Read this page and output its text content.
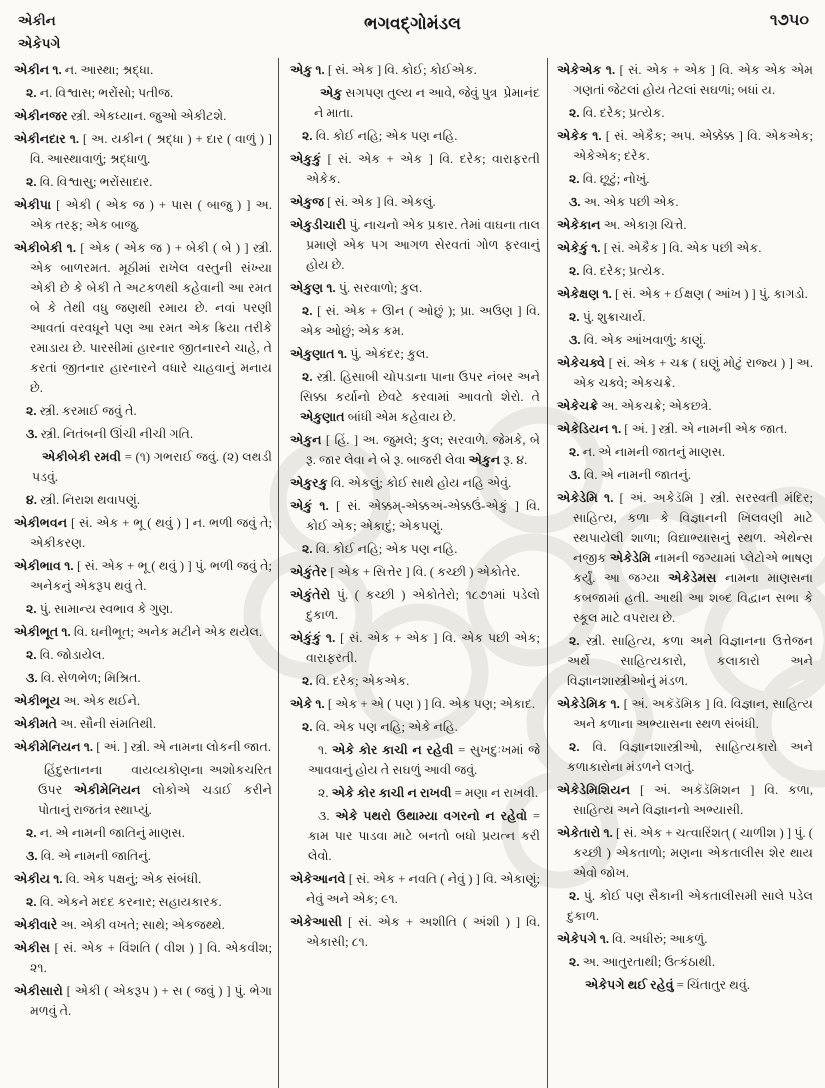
એકીન
એકેપગે
ભગવદ્ગોમંડલ	૧૭૫૦

એકીન ૧. ન. આસ્થા; શ્રદ્ધા.

૨. ન. વિશ્વાસ; ભરોંસો; પતીજ.

એકીનજર સ્ત્રી. એકધ્યાન. જુઓ એકીટશે.

એકીનદાર ૧. [ અ. યકીન ( શ્રદ્ધા ) + દાર ( વાળું ) ] વિ. આસ્થાવાળું; શ્રદ્ધાળુ.

૨. વિ. વિશ્વાસુ; ભરોંસાદાર.

એકીપા [ એકી ( એક જ ) + પાસ ( બાજુ ) ] અ. એક તરફ; એક બાજુ.

એકીબેકી ૧. [ એક ( એક જ ) + બેકી ( બે ) ] સ્ત્રી. એક બાળરમત. મૂઠીમાં રાખેલ વસ્તુની સંખ્યા એકી છે કે બેકી તે અટકળથી કહેવાની આ રમત બે કે તેથી વધુ જણથી રમાય છે. નવાં પરણી આવતાં વરવધૂને પણ આ રમત એક ક્રિયા તરીકે રમાડાય છે. પારસીમાં હારનાર જીતનારને ચાહે, તે કરતાં જીતનાર હારનારને વધારે ચાહવાનું મનાય છે.

૨. સ્ત્રી. કરમાઈ જવું તે.

૩. સ્ત્રી. નિતંબની ઊંચી નીચી ગતિ.

એકીબેકી રમવી = (૧) ગભરાઈ જવું. (૨) લથડી પડવું.

૪. સ્ત્રી. નિરાશ થવાપણું.

એકીભવન [ સં. એક + ભૂ ( થવું ) ] ન. ભળી જવું તે; એકીકરણ.

એકીભાવ ૧. [ સં. એક + ભૂ ( થવું ) ] પું. ભળી જવું તે; અનેકનું એકરૂપ થવું તે.

૨. પું. સામાન્ય સ્વભાવ કે ગુણ.

એકીભૂત ૧. વિ. ઘનીભૂત; અનેક મટીને એક થયેલ.

૨. વિ. જોડાયેલ.

૩. વિ. સેળભેળ; મિશ્રિત.

એકીભૂય અ. એક થઈને.

એકીમતે અ. સૌની સંમતિથી.

એકીમેનિયન ૧. [ અં. ] સ્ત્રી. એ નામના લોકની જાત.

અશોકચરિત
હિંદુસ્તાનના વાયવ્યકોણના ઉપર એકીમેનિયન લોકોએ ચડાઈ કરીને પોતાનું રાજતંત્ર સ્થાપ્યું.

૨. ન. એ નામની જાતિનું માણસ.

૩. વિ. એ નામની જાતિનું.

એકીય ૧. વિ. એક પક્ષનું; એક સંબંધી.

૨. વિ. એકને મદદ કરનાર; સહાયકારક.

એકીવારે અ. એકી વખતે; સાથે; એકજથ્થે.

એકીસ [ સં. એક + વિંશતિ ( વીશ ) ] વિ. એકવીશ; ૨૧.

એકીસારો [ એકી ( એકરૂપ ) + સ ( જવું ) ] પું. ભેગા મળવું તે.

એકુ ૧. [ સં. એક ] વિ. કોઈ; કોઈએક.

પ્રેમાનંદ
એકુ સગપણ તુલ્ય ન આવે, જેવું પુત્ર ને માતા.

૨. વિ. કોઈ નહિ; એક પણ નહિ.

એકુકું [ સં. એક + એક ] વિ. દરેક; વારાફરતી એકેક.

એકુજ [ સં. એક ] વિ. એકલું.

એકુડીચારી પું. નાચનો એક પ્રકાર. તેમાં વાઘના તાલ પ્રમાણે એક પગ આગળ સેરવતાં ગોળ ફરવાનું હોય છે.

એકુણ ૧. પું. સરવાળો; કુલ.

૨. [ સં. એક + ઊન ( ઓછું ); પ્રા. અઉણ ] વિ. એક ઓછું; એક કમ.

એકુણાત ૧. પું. એકંદર; કુલ.

૨. સ્ત્રી. હિસાબી ચોપડાના પાના ઉપર નંબર અને સિક્કા કર્યાનો છેવટે કરવામાં આવતો શેરો. તે એકુણાત બાંધી એમ કહેવાય છે.

એકુન [ હિં. ] અ. જુમલે; કુલ; સરવાળે. જેમકે, બે રૂ. જાર લેવા ને બે રૂ. બાજરી લેવા એકુન રૂ. ૪.

એકુરકુ વિ. એકલું; કોઈ સાથે હોય નહિ એવું.

એકું ૧. [ સં. એક્કમ્-એક્કઅં-એક્કઉં-એકું ] વિ. કોઈ એક; એકાદું; એકપણું.

૨. વિ. કોઈ નહિ; એક પણ નહિ.

એકુંતેર [ એક + સિત્તેર ] વિ. ( કચ્છી ) એકોતેર.

એકુંતેરો પું. ( કચ્છી ) એકોતેરો; ૧૮૭૧માં પડેલો દુકાળ.

એકુંકું ૧. [ સં. એક + એક ] વિ. એક પછી એક; વારાફરતી.

૨. વિ. દરેક; એકએક.

એકે ૧. [ એક + એ ( પણ ) ] વિ. એક પણ; એકાદ.

૨. વિ. એક પણ નહિ; એકે નહિ.

૧. એકે કોર કાચી ન રહેવી = સુખદુઃખમાં જે આવવાનું હોય તે સઘળું આવી જવું.

૨. એકે કોર કાચી ન રાખવી = મણા ન રાખવી.

૩. એકે પથરો ઉથામ્યા વગરનો ન રહેવો = કામ પાર પાડવા માટે બનતો બધો પ્રયત્ન કરી લેવો.

એકેઆનવે [ સં. એક + નવતિ ( નેવું ) ] વિ. એકાણું; નેવું અને એક; ૯૧.

એકેઆસી [ સં. એક + અશીતિ ( અંશી ) ] વિ. એકાસી; ૮૧.

એકેએક ૧. [ સં. એક + એક ] વિ. એક એક એમ ગણતાં જેટલાં હોય તેટલાં સઘળાં; બધાં ય.

૨. વિ. દરેક; પ્રત્યેક.

એકેક ૧. [ સં. એકૈક; અપ. એક્કેક્ક ] વિ. એકએક; એકેએક; દરેક.

૨. વિ. છૂટું; નોખું.

૩. અ. એક પછી એક.

એકેકાન અ. એકાગ્ર ચિત્તે.

એકેકું ૧. [ સં. એકૈક ] વિ. એક પછી એક.

૨. વિ. દરેક; પ્રત્યેક.

એકેક્ષણ ૧. [ સં. એક + ઈક્ષણ ( આંખ ) ] પું. કાગડો.

૨. પું. શુક્રાચાર્ય.

૩. વિ. એક આંખવાળું; કાણું.

એકેચક્વે [ સં. એક + ચક્ર ( ઘણું મોટું રાજ્ય ) ] અ. એક ચક્વે; એકચક્રે.

એકેચક્રે અ. એકચક્રે; એકછત્રે.

એકેડિયન ૧. [ અં. ] સ્ત્રી. એ નામની એક જાત.

૨. ન. એ નામની જાતનું માણસ.

૩. વિ. એ નામની જાતનું.

એકેડેમિ ૧. [ અં. અકેડૅમિ ] સ્ત્રી. સરસ્વતી મંદિર; સાહિત્ય, કળા કે વિજ્ઞાનની ખિલવણી માટે સ્થપાયેલી શાળા; વિદ્યાભ્યાસનું સ્થળ. એથેન્સ નજીક એકેડેમિ નામની જગ્યામાં પ્લેટોએ ભાષણ કર્યું. આ જગ્યા એકેડેમસ નામના માણસના કબજામાં હતી. આથી આ શબ્દ વિદ્વાન સભા કે સ્કૂલ માટે વપરાય છે.

૨. સ્ત્રી. સાહિત્ય, કળા અને વિજ્ઞાનના ઉત્તેજન અર્થે સાહિત્યકારો, કલાકારો અને વિજ્ઞાનશાસ્ત્રીઓનું મંડળ.

એકેડેમિક ૧. [ અં. અકૅડૅમિક ] વિ. વિજ્ઞાન, સાહિત્ય અને કળાના અભ્યાસના સ્થળ સંબંધી.

૨. વિ. વિજ્ઞાનશાસ્ત્રીઓ, સાહિત્યકારો અને કળાકારોના મંડળને લગતું.

એકેડેમિશિયન [ અં. અકૅડૅમિશન ] વિ. કળા, સાહિત્ય અને વિજ્ઞાનનો અભ્યાસી.

એકેતારો ૧. [ સં. એક + ચત્વારિંશત્ ( ચાળીશ ) ] પું. ( કચ્છી ) એકતાળો; મણના એકતાલીસ શેર થાય એવો જોખ.

૨. પું. કોઈ પણ સૈકાની એકતાલીસમી સાલે પડેલ દુકાળ.

એકેપગે ૧. વિ. અધીરું; આકળું.

૨. અ. આતુરતાથી; ઉત્કંઠાથી.

એકેપગે થઈ રહેવું = ચિંતાતુર થવું.
